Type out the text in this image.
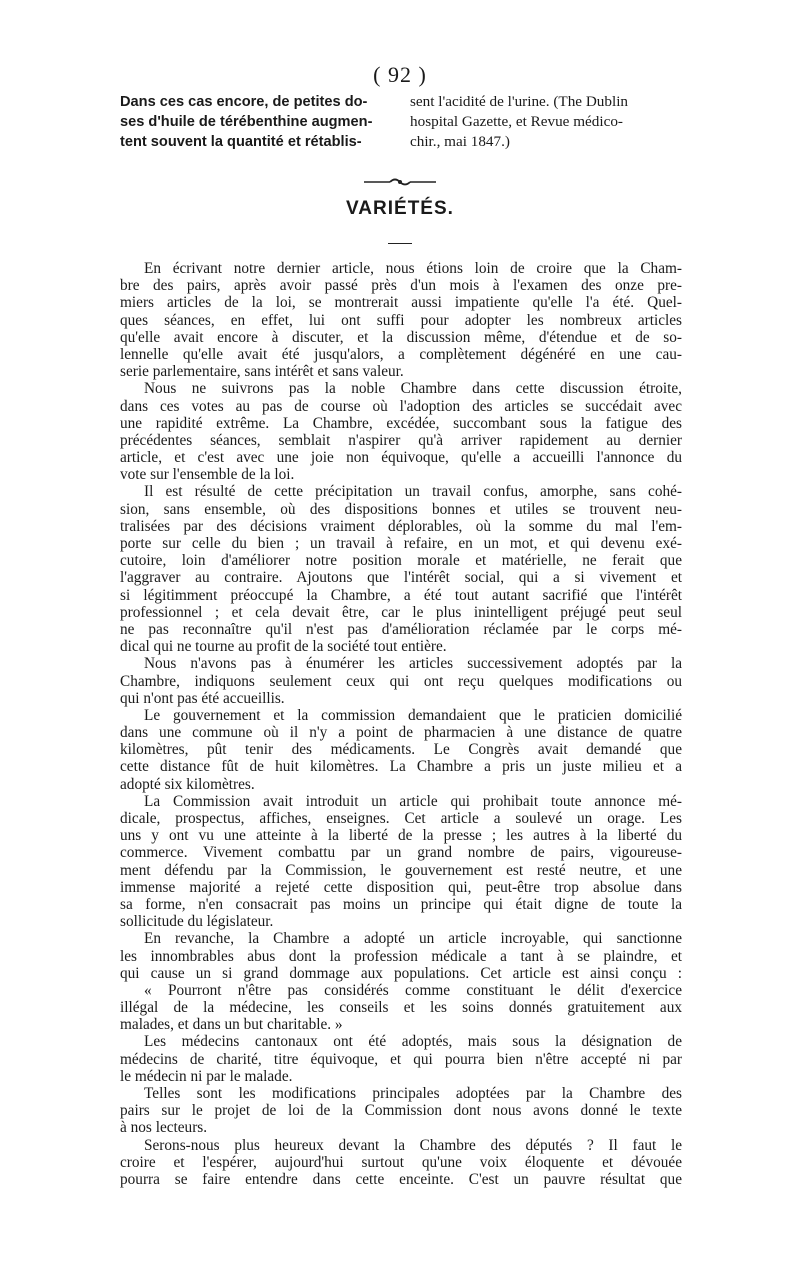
( 92 )
Dans ces cas encore, de petites do-
ses d'huile de térébenthine augmen-
tent souvent la quantité et rétablis-
sent l'acidité de l'urine. (The Dublin
hospital Gazette, et Revue médico-
chir., mai 1847.)
VARIÉTÉS.
En écrivant notre dernier article, nous étions loin de croire que la Cham-
bre des pairs, après avoir passé près d'un mois à l'examen des onze pre-
miers articles de la loi, se montrerait aussi impatiente qu'elle l'a été. Quel-
ques séances, en effet, lui ont suffi pour adopter les nombreux articles
qu'elle avait encore à discuter, et la discussion même, d'étendue et de so-
lennelle qu'elle avait été jusqu'alors, a complètement dégénéré en une cau-
serie parlementaire, sans intérêt et sans valeur.
Nous ne suivrons pas la noble Chambre dans cette discussion étroite,
dans ces votes au pas de course où l'adoption des articles se succédait avec
une rapidité extrême. La Chambre, excédée, succombant sous la fatigue des
précédentes séances, semblait n'aspirer qu'à arriver rapidement au dernier
article, et c'est avec une joie non équivoque, qu'elle a accueilli l'annonce du
vote sur l'ensemble de la loi.
Il est résulté de cette précipitation un travail confus, amorphe, sans cohé-
sion, sans ensemble, où des dispositions bonnes et utiles se trouvent neu-
tralisées par des décisions vraiment déplorables, où la somme du mal l'em-
porte sur celle du bien ; un travail à refaire, en un mot, et qui devenu exé-
cutoire, loin d'améliorer notre position morale et matérielle, ne ferait que
l'aggraver au contraire. Ajoutons que l'intérêt social, qui a si vivement et
si légitimment préoccupé la Chambre, a été tout autant sacrifié que l'intérêt
professionnel ; et cela devait être, car le plus inintelligent préjugé peut seul
ne pas reconnaître qu'il n'est pas d'amélioration réclamée par le corps mé-
dical qui ne tourne au profit de la société tout entière.
Nous n'avons pas à énumérer les articles successivement adoptés par la
Chambre, indiquons seulement ceux qui ont reçu quelques modifications ou
qui n'ont pas été accueillis.
Le gouvernement et la commission demandaient que le praticien domicilié
dans une commune où il n'y a point de pharmacien à une distance de quatre
kilomètres, pût tenir des médicaments. Le Congrès avait demandé que
cette distance fût de huit kilomètres. La Chambre a pris un juste milieu et a
adopté six kilomètres.
La Commission avait introduit un article qui prohibait toute annonce mé-
dicale, prospectus, affiches, enseignes. Cet article a soulevé un orage. Les
uns y ont vu une atteinte à la liberté de la presse ; les autres à la liberté du
commerce. Vivement combattu par un grand nombre de pairs, vigoureuse-
ment défendu par la Commission, le gouvernement est resté neutre, et une
immense majorité a rejeté cette disposition qui, peut-être trop absolue dans
sa forme, n'en consacrait pas moins un principe qui était digne de toute la
sollicitude du législateur.
En revanche, la Chambre a adopté un article incroyable, qui sanctionne
les innombrables abus dont la profession médicale a tant à se plaindre, et
qui cause un si grand dommage aux populations. Cet article est ainsi conçu :
« Pourront n'être pas considérés comme constituant le délit d'exercice
illégal de la médecine, les conseils et les soins donnés gratuitement aux
malades, et dans un but charitable. »
Les médecins cantonaux ont été adoptés, mais sous la désignation de
médecins de charité, titre équivoque, et qui pourra bien n'être accepté ni par
le médecin ni par le malade.
Telles sont les modifications principales adoptées par la Chambre des
pairs sur le projet de loi de la Commission dont nous avons donné le texte
à nos lecteurs.
Serons-nous plus heureux devant la Chambre des députés ? Il faut le
croire et l'espérer, aujourd'hui surtout qu'une voix éloquente et dévouée
pourra se faire entendre dans cette enceinte. C'est un pauvre résultat que
